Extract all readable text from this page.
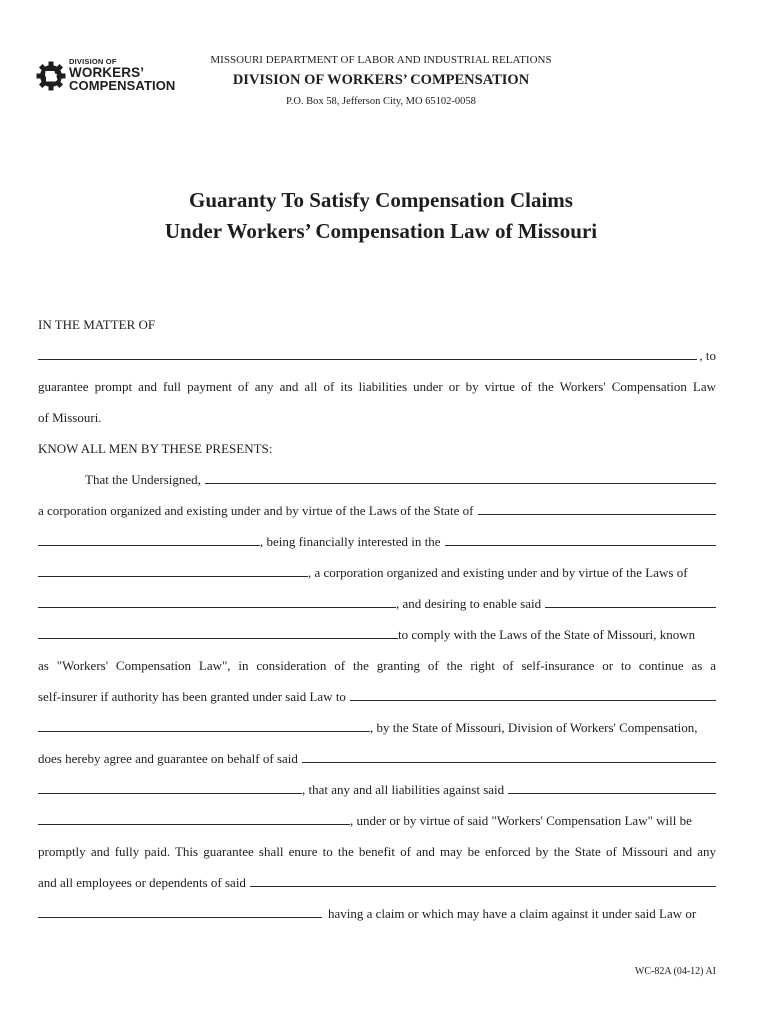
DIVISION OF
WORKERS’
COMPENSATION
MISSOURI DEPARTMENT OF LABOR AND INDUSTRIAL RELATIONS
DIVISION OF WORKERS’ COMPENSATION
P.O. Box 58, Jefferson City, MO 65102-0058
Guaranty To Satisfy Compensation Claims
Under Workers’ Compensation Law of Missouri
IN THE MATTER OF
, to
guarantee prompt and full payment of any and all of its liabilities under or by virtue of the Workers' Compensation Law
of Missouri.
KNOW ALL MEN BY THESE PRESENTS:
That the Undersigned,
a corporation organized and existing under and by virtue of the Laws of the State of
, being financially interested in the
, a corporation organized and existing under and by virtue of the Laws of
, and desiring to enable said
to comply with the Laws of the State of Missouri, known
as "Workers' Compensation Law", in consideration of the granting of the right of self-insurance or to continue as a
self-insurer if authority has been granted under said Law to
, by the State of Missouri, Division of Workers' Compensation,
does hereby agree and guarantee on behalf of said
, that any and all liabilities against said
, under or by virtue of said "Workers' Compensation Law" will be
promptly and fully paid. This guarantee shall enure to the benefit of and may be enforced by the State of Missouri and any
and all employees or dependents of said
having a claim or which may have a claim against it under said Law or
WC-82A (04-12) AI
